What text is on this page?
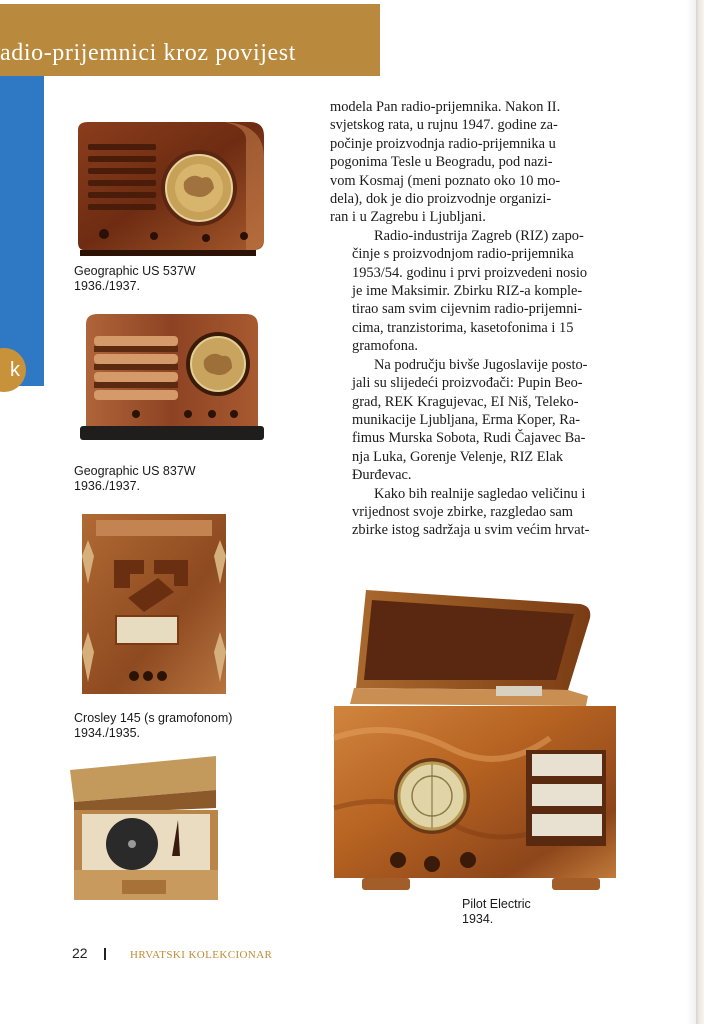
adio-prijemnici kroz povijest
k
Geographic US 537W
1936./1937.
Geographic US 837W
1936./1937.
Crosley 145 (s gramofonom)
1934./1935.
Pilot Electric
1934.

modela Pan radio-prijemnika. Nakon II.
svjetskog rata, u rujnu 1947. godine za-
počinje proizvodnja radio-prijemnika u
pogonima Tesle u Beogradu, pod nazi-
vom Kosmaj (meni poznato oko 10 mo-
dela), dok je dio proizvodnje organizi-
ran i u Zagrebu i Ljubljani.

Radio-industrija Zagreb (RIZ) zapo-
činje s proizvodnjom radio-prijemnika
1953/54. godinu i prvi proizvedeni nosio
je ime Maksimir. Zbirku RIZ-a komple-
tirao sam svim cijevnim radio-prijemni-
cima, tranzistorima, kasetofonima i 15
gramofona.

Na području bivše Jugoslavije posto-
jali su slijedeći proizvođači: Pupin Beo-
grad, REK Kragujevac, EI Niš, Teleko-
munikacije Ljubljana, Erma Koper, Ra-
fimus Murska Sobota, Rudi Čajavec Ba-
nja Luka, Gorenje Velenje, RIZ Elak
Đurđevac.

Kako bih realnije sagledao veličinu i
vrijednost svoje zbirke, razgledao sam
zbirke istog sadržaja u svim većim hrvat-

22	HRVATSKI KOLEKCIONAR
